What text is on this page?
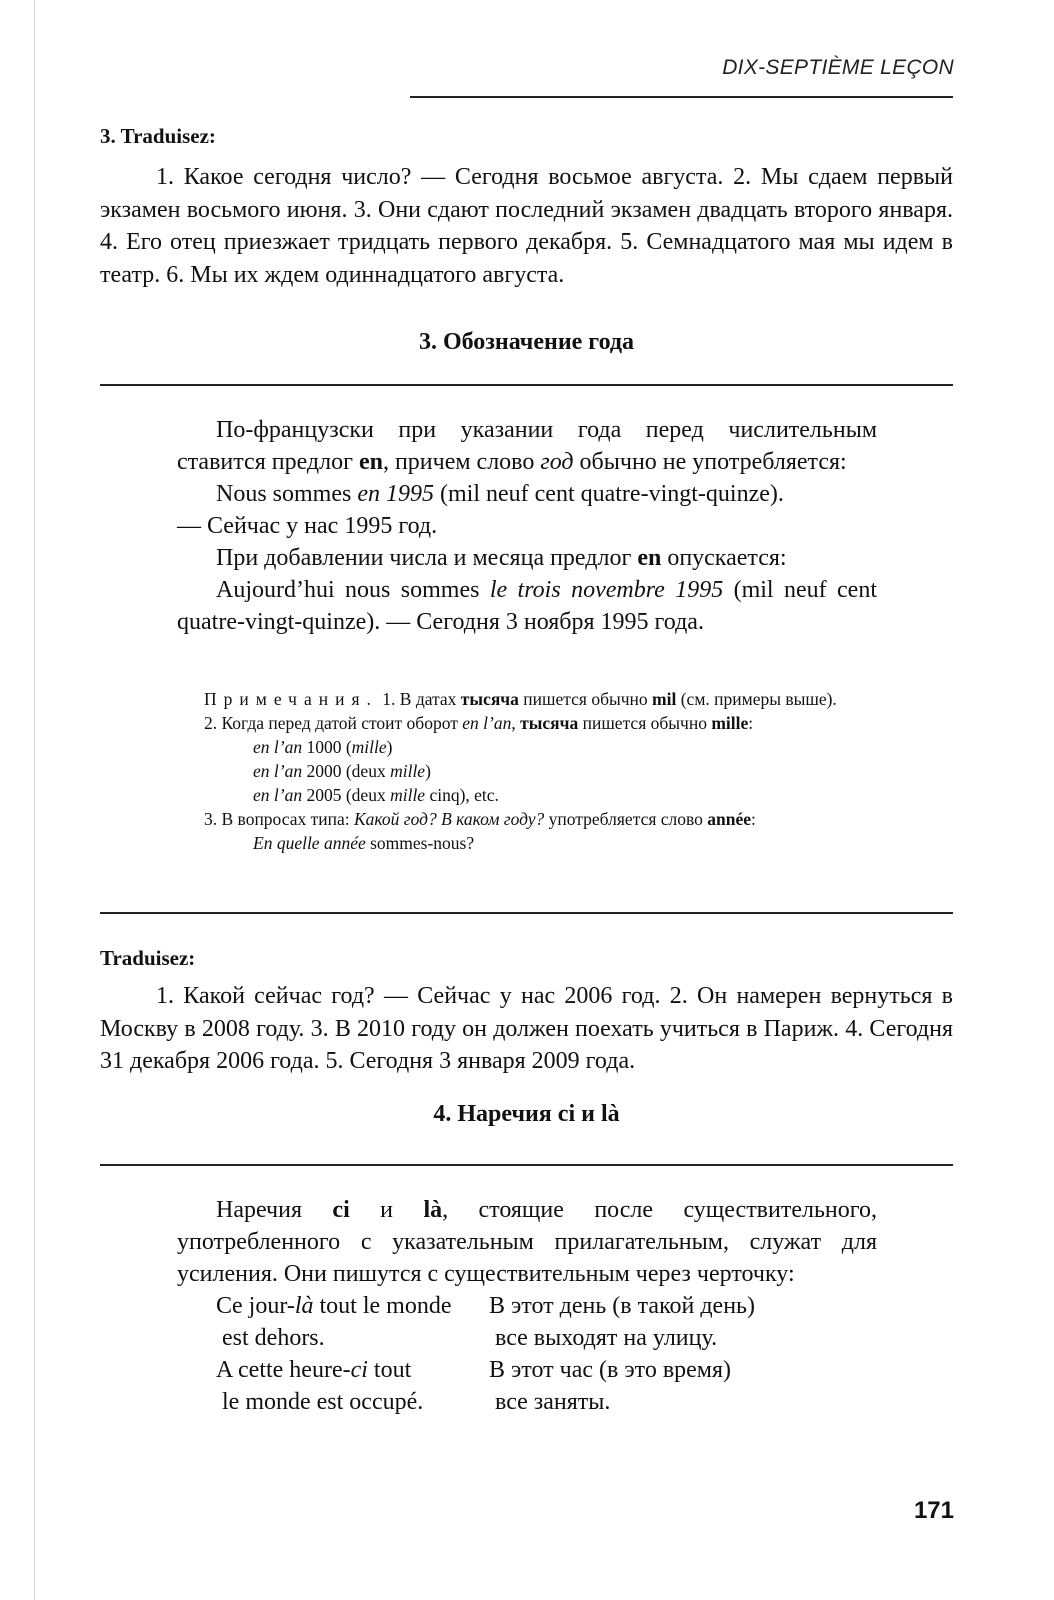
DIX-SEPTIÈME LEÇON
3. Traduisez:
1. Какое сегодня число? — Сегодня восьмое августа. 2. Мы сдаем первый экзамен восьмого июня. 3. Они сдают последний экзамен двадцать второго января. 4. Его отец приезжает тридцать первого декабря. 5. Семнадцатого мая мы идем в театр. 6. Мы их ждем одиннадцатого августа.
3. Обозначение года

По-французски при указании года перед числительным ставится предлог en, причем слово год обычно не употребляется:

Nous sommes en 1995 (mil neuf cent quatre-vingt-quinze).

— Сейчас у нас 1995 год.

При добавлении числа и месяца предлог en опускается:

Aujourd’hui nous sommes le trois novembre 1995 (mil neuf cent quatre-vingt-quinze). — Сегодня 3 ноября 1995 года.

Примечания. 1. В датах тысяча пишется обычно mil (см. примеры выше).

2. Когда перед датой стоит оборот en l’an, тысяча пишется обычно mille:

en l’an 1000 (mille)

en l’an 2000 (deux mille)

en l’an 2005 (deux mille cinq), etc.

3. В вопросах типа: Какой год? В каком году? употребляется слово année:

En quelle année sommes-nous?

Traduisez:
1. Какой сейчас год? — Сейчас у нас 2006 год. 2. Он намерен вернуться в Москву в 2008 году. 3. В 2010 году он должен поехать учиться в Париж. 4. Сегодня 31 декабря 2006 года. 5. Сегодня 3 января 2009 года.
4. Наречия ci и là

Наречия ci и là, стоящие после существительного, употребленного с указательным прилагательным, служат для усиления. Они пишутся с существительным через черточку:

Ce jour-là tout le monde	В этот день (в такой день)
est dehors.	все выходят на улицу.
A cette heure-ci tout	В этот час (в это время)
le monde est occupé.	все заняты.
171
